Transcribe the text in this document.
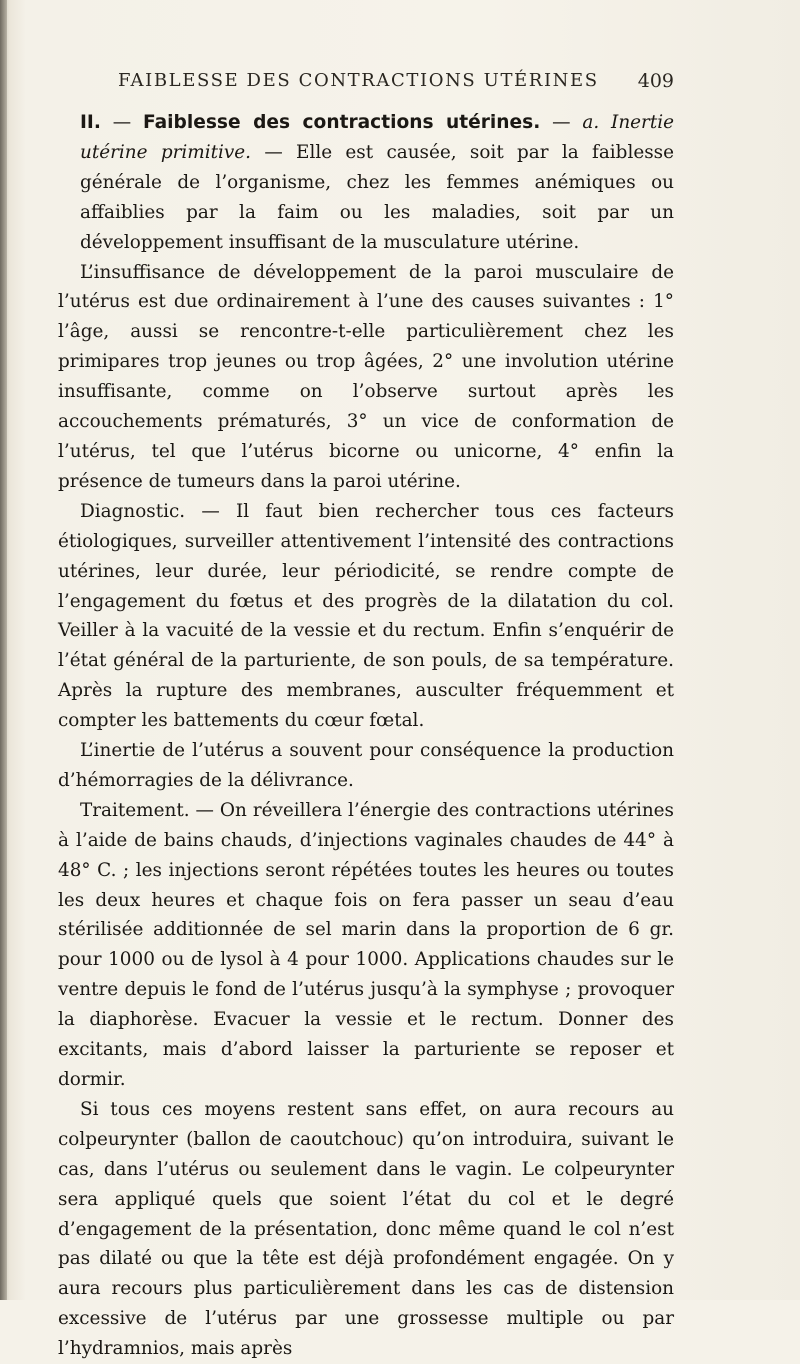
FAIBLESSE DES CONTRACTIONS UTÉRINES 409

II. — Faiblesse des contractions utérines. — a. Inertie utérine primitive. — Elle est causée, soit par la faiblesse générale de l’organisme, chez les femmes anémiques ou affaiblies par la faim ou les maladies, soit par un développement insuffisant de la musculature utérine.

L’insuffisance de développement de la paroi musculaire de l’utérus est due ordinairement à l’une des causes suivantes : 1° l’âge, aussi se rencontre-t-elle particulièrement chez les primipares trop jeunes ou trop âgées, 2° une involution utérine insuffisante, comme on l’observe surtout après les accouchements prématurés, 3° un vice de conformation de l’utérus, tel que l’utérus bicorne ou unicorne, 4° enfin la présence de tumeurs dans la paroi utérine.

Diagnostic. — Il faut bien rechercher tous ces facteurs étiologiques, surveiller attentivement l’intensité des contractions utérines, leur durée, leur périodicité, se rendre compte de l’engagement du fœtus et des progrès de la dilatation du col. Veiller à la vacuité de la vessie et du rectum. Enfin s’enquérir de l’état général de la parturiente, de son pouls, de sa température. Après la rupture des membranes, ausculter fréquemment et compter les battements du cœur fœtal.

L’inertie de l’utérus a souvent pour conséquence la production d’hémorragies de la délivrance.

Traitement. — On réveillera l’énergie des contractions utérines à l’aide de bains chauds, d’injections vaginales chaudes de 44° à 48° C. ; les injections seront répétées toutes les heures ou toutes les deux heures et chaque fois on fera passer un seau d’eau stérilisée additionnée de sel marin dans la proportion de 6 gr. pour 1000 ou de lysol à 4 pour 1000. Applications chaudes sur le ventre depuis le fond de l’utérus jusqu’à la symphyse ; provoquer la diaphorèse. Evacuer la vessie et le rectum. Donner des excitants, mais d’abord laisser la parturiente se reposer et dormir.

Si tous ces moyens restent sans effet, on aura recours au colpeurynter (ballon de caoutchouc) qu’on introduira, suivant le cas, dans l’utérus ou seulement dans le vagin. Le colpeurynter sera appliqué quels que soient l’état du col et le degré d’engagement de la présentation, donc même quand le col n’est pas dilaté ou que la tête est déjà profondément engagée. On y aura recours plus particulièrement dans les cas de distension excessive de l’utérus par une grossesse multiple ou par l’hydramnios, mais après
